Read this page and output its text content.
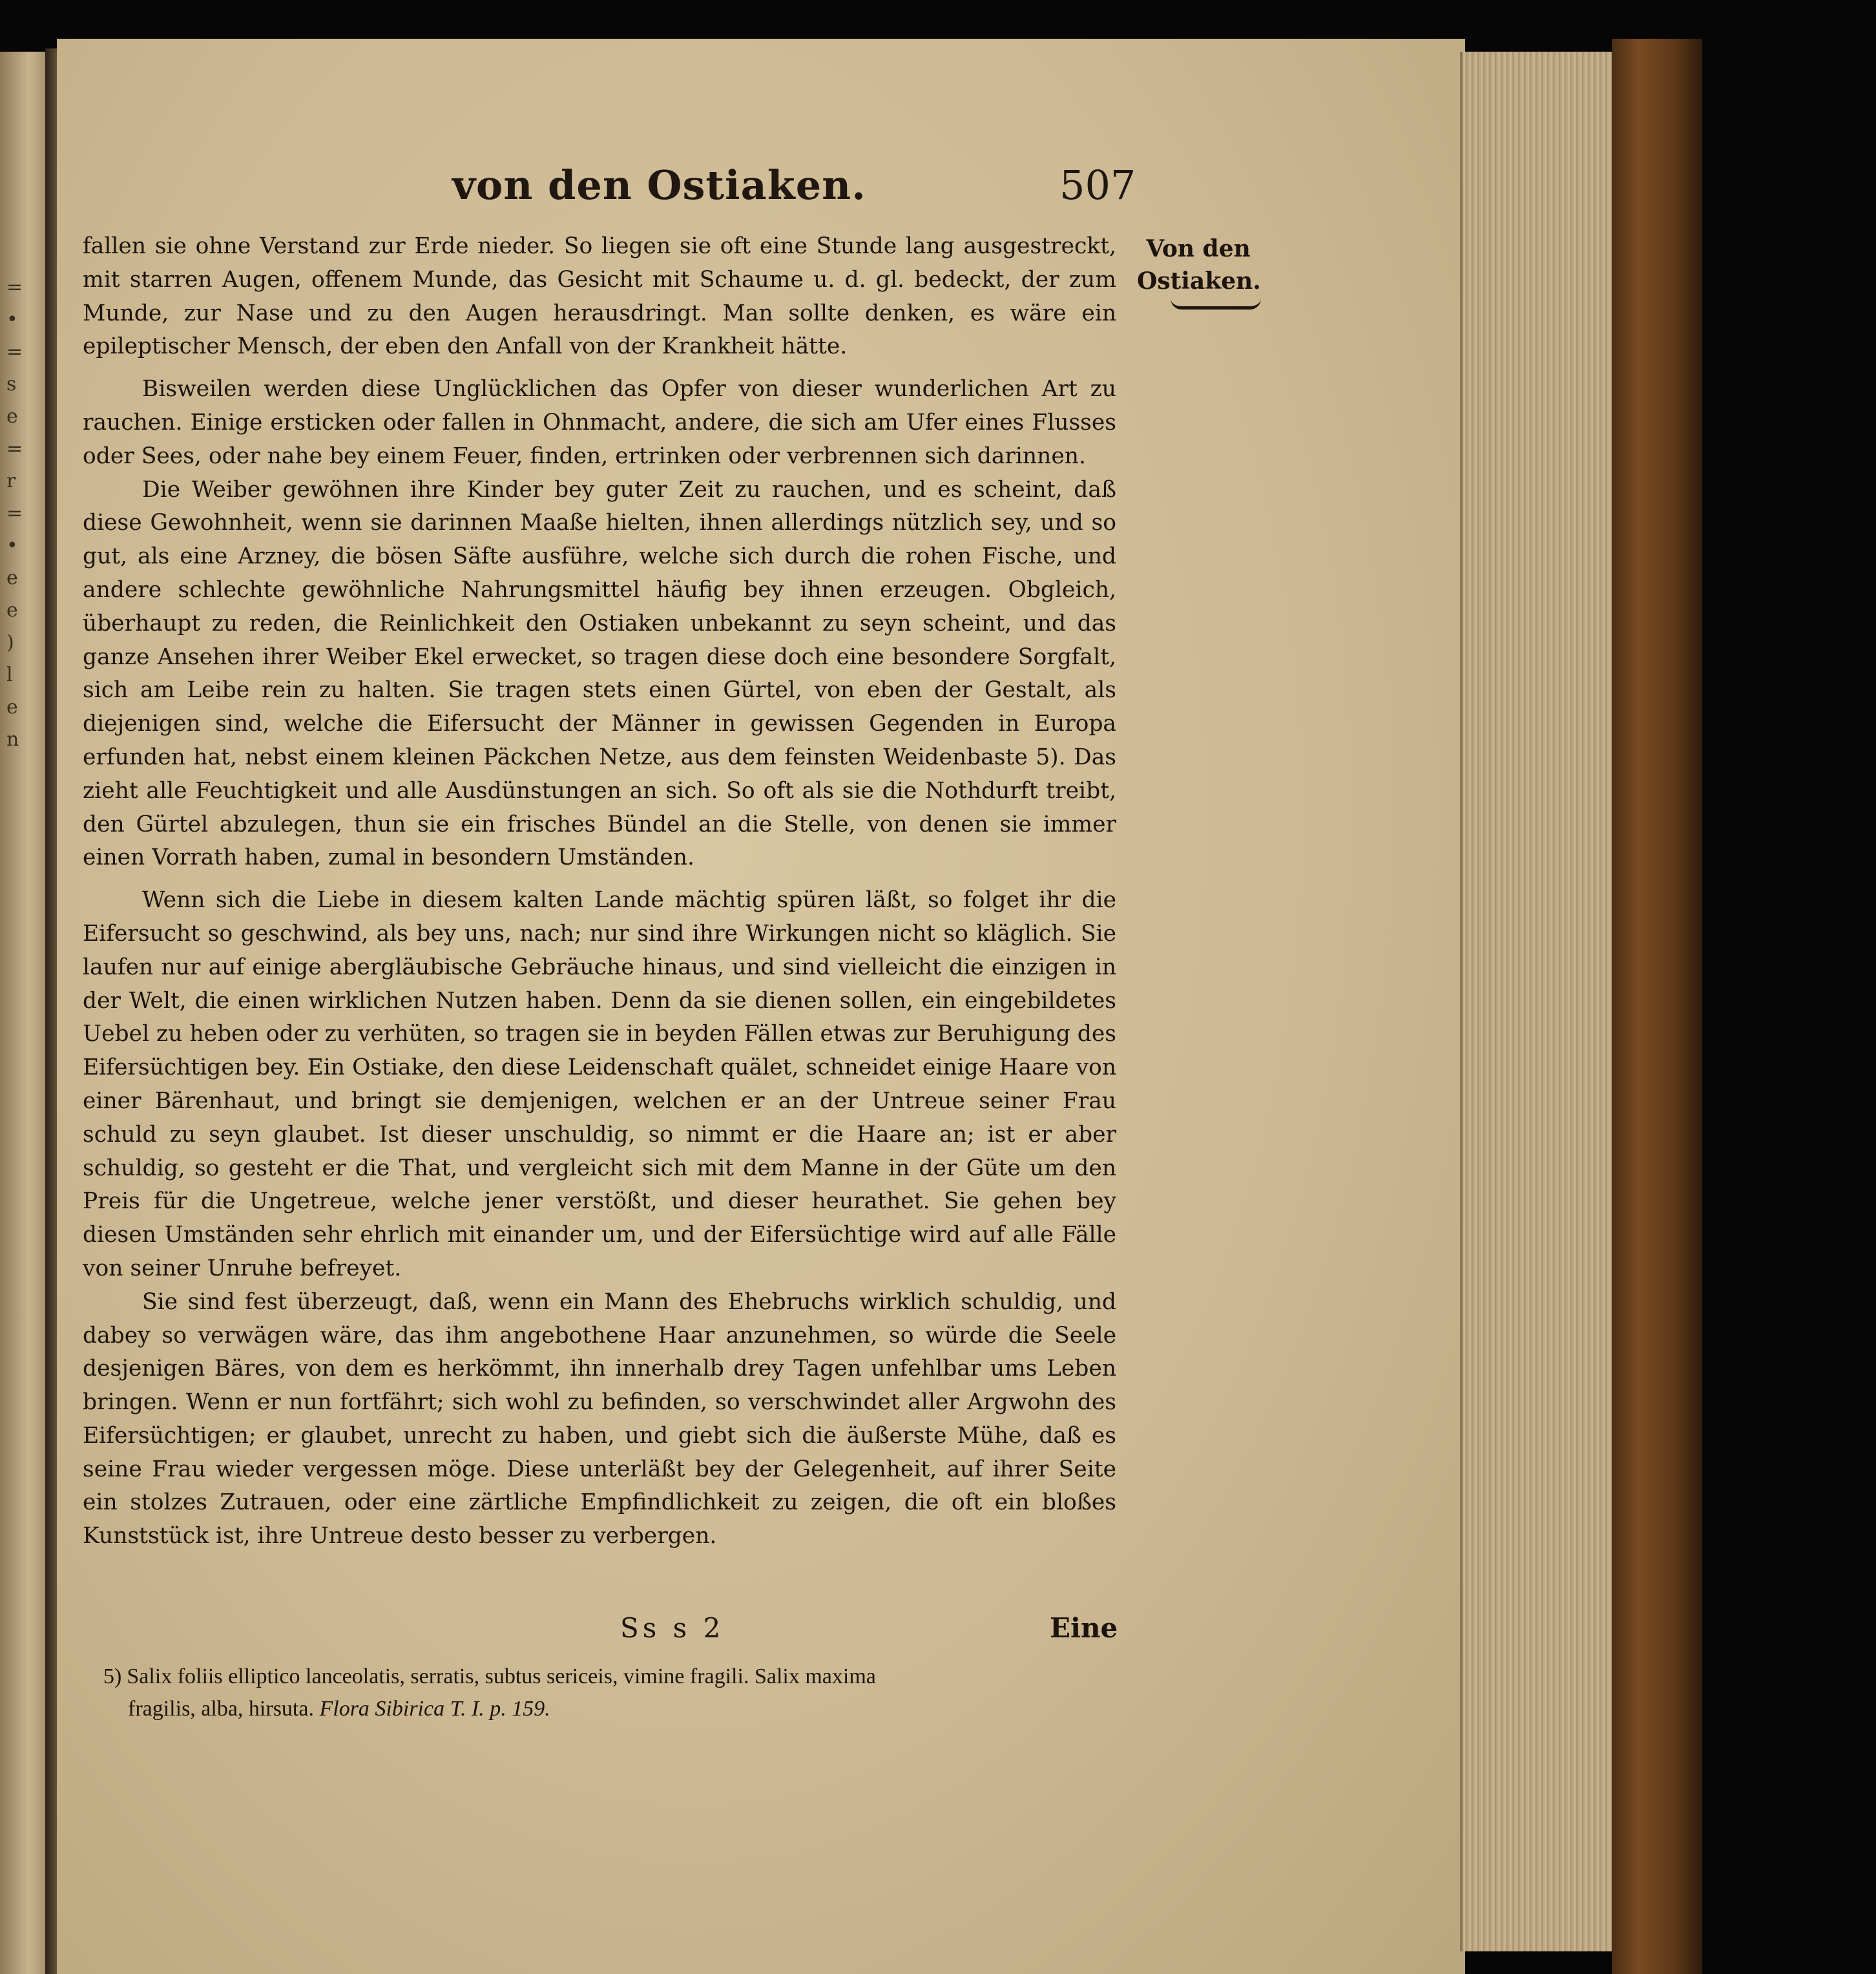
= • = s e = r = • e e ) l e n
von den Ostiaken.	507
Von den
Ostiaken.

fallen sie ohne Verstand zur Erde nieder. So liegen sie oft eine Stunde lang ausgestreckt, mit starren Augen, offenem Munde, das Gesicht mit Schaume u. d. gl. bedeckt, der zum Munde, zur Nase und zu den Augen herausdringt. Man sollte denken, es wäre ein epileptischer Mensch, der eben den Anfall von der Krankheit hätte.

Bisweilen werden diese Unglücklichen das Opfer von dieser wunderlichen Art zu rauchen. Einige ersticken oder fallen in Ohnmacht, andere, die sich am Ufer eines Flusses oder Sees, oder nahe bey einem Feuer, finden, ertrinken oder verbrennen sich darinnen.

Die Weiber gewöhnen ihre Kinder bey guter Zeit zu rauchen, und es scheint, daß diese Gewohnheit, wenn sie darinnen Maaße hielten, ihnen allerdings nützlich sey, und so gut, als eine Arzney, die bösen Säfte ausführe, welche sich durch die rohen Fische, und andere schlechte gewöhnliche Nahrungsmittel häufig bey ihnen erzeugen. Obgleich, überhaupt zu reden, die Reinlichkeit den Ostiaken unbekannt zu seyn scheint, und das ganze Ansehen ihrer Weiber Ekel erwecket, so tragen diese doch eine besondere Sorgfalt, sich am Leibe rein zu halten. Sie tragen stets einen Gürtel, von eben der Gestalt, als diejenigen sind, welche die Eifersucht der Männer in gewissen Gegenden in Europa erfunden hat, nebst einem kleinen Päckchen Netze, aus dem feinsten Weidenbaste 5). Das zieht alle Feuchtigkeit und alle Ausdünstungen an sich. So oft als sie die Nothdurft treibt, den Gürtel abzulegen, thun sie ein frisches Bündel an die Stelle, von denen sie immer einen Vorrath haben, zumal in besondern Umständen.

Wenn sich die Liebe in diesem kalten Lande mächtig spüren läßt, so folget ihr die Eifersucht so geschwind, als bey uns, nach; nur sind ihre Wirkungen nicht so kläglich. Sie laufen nur auf einige abergläubische Gebräuche hinaus, und sind vielleicht die einzigen in der Welt, die einen wirklichen Nutzen haben. Denn da sie dienen sollen, ein eingebildetes Uebel zu heben oder zu verhüten, so tragen sie in beyden Fällen etwas zur Beruhigung des Eifersüchtigen bey. Ein Ostiake, den diese Leidenschaft quälet, schneidet einige Haare von einer Bärenhaut, und bringt sie demjenigen, welchen er an der Untreue seiner Frau schuld zu seyn glaubet. Ist dieser unschuldig, so nimmt er die Haare an; ist er aber schuldig, so gesteht er die That, und vergleicht sich mit dem Manne in der Güte um den Preis für die Ungetreue, welche jener verstößt, und dieser heurathet. Sie gehen bey diesen Umständen sehr ehrlich mit einander um, und der Eifersüchtige wird auf alle Fälle von seiner Unruhe befreyet.

Sie sind fest überzeugt, daß, wenn ein Mann des Ehebruchs wirklich schuldig, und dabey so verwägen wäre, das ihm angebothene Haar anzunehmen, so würde die Seele desjenigen Bäres, von dem es herkömmt, ihn innerhalb drey Tagen unfehlbar ums Leben bringen. Wenn er nun fortfährt; sich wohl zu befinden, so verschwindet aller Argwohn des Eifersüchtigen; er glaubet, unrecht zu haben, und giebt sich die äußerste Mühe, daß es seine Frau wieder vergessen möge. Diese unterläßt bey der Gelegenheit, auf ihrer Seite ein stolzes Zutrauen, oder eine zärtliche Empfindlichkeit zu zeigen, die oft ein bloßes Kunststück ist, ihre Untreue desto besser zu verbergen.

Ss s 2	Eine
5) Salix foliis elliptico lanceolatis, serratis, subtus sericeis, vimine fragili. Salix maxima
fragilis, alba, hirsuta. Flora Sibirica T. I. p. 159.
